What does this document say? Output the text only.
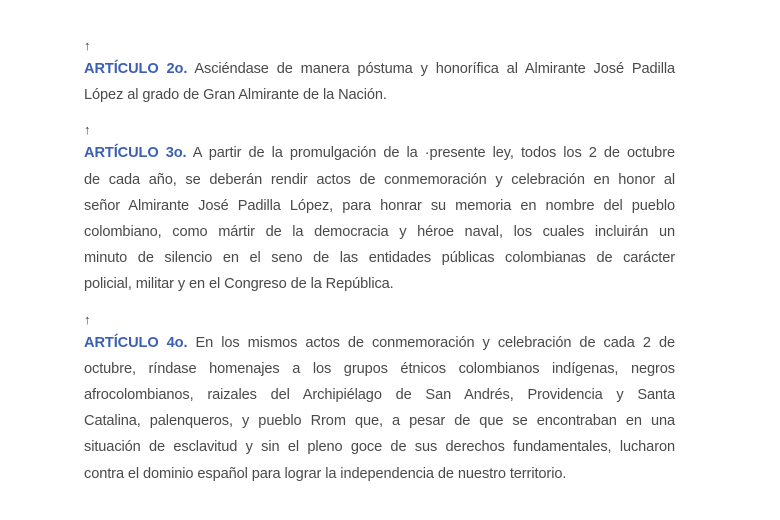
↑
ARTÍCULO 2o. Asciéndase de manera póstuma y honorífica al Almirante José Padilla
López al grado de Gran Almirante de la Nación.
↑
ARTÍCULO 3o. A partir de la promulgación de la ·presente ley, todos los 2 de octubre
de cada año, se deberán rendir actos de conmemoración y celebración en honor al
señor Almirante José Padilla López, para honrar su memoria en nombre del pueblo
colombiano, como mártir de la democracia y héroe naval, los cuales incluirán un
minuto de silencio en el seno de las entidades públicas colombianas de carácter
policial, militar y en el Congreso de la República.
↑
ARTÍCULO 4o. En los mismos actos de conmemoración y celebración de cada 2 de
octubre, ríndase homenajes a los grupos étnicos colombianos indígenas, negros
afrocolombianos, raizales del Archipiélago de San Andrés, Providencia y Santa
Catalina, palenqueros, y pueblo Rrom que, a pesar de que se encontraban en una
situación de esclavitud y sin el pleno goce de sus derechos fundamentales, lucharon
contra el dominio español para lograr la independencia de nuestro territorio.
